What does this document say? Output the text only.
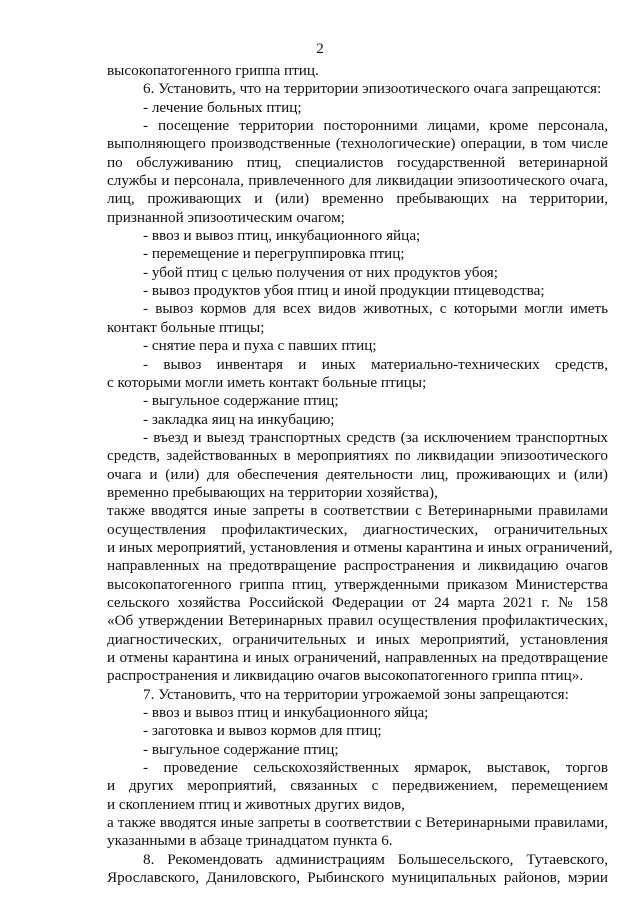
2
высокопатогенного гриппа птиц.
6. Установить, что на территории эпизоотического очага запрещаются:
- лечение больных птиц;
- посещение территории посторонними лицами, кроме персонала,
выполняющего производственные (технологические) операции, в том числе
по обслуживанию птиц, специалистов государственной ветеринарной
службы и персонала, привлеченного для ликвидации эпизоотического очага,
лиц, проживающих и (или) временно пребывающих на территории,
признанной эпизоотическим очагом;
- ввоз и вывоз птиц, инкубационного яйца;
- перемещение и перегруппировка птиц;
- убой птиц с целью получения от них продуктов убоя;
- вывоз продуктов убоя птиц и иной продукции птицеводства;
- вывоз кормов для всех видов животных, с которыми могли иметь
контакт больные птицы;
- снятие пера и пуха с павших птиц;
- вывоз инвентаря и иных материально-технических средств,
с которыми могли иметь контакт больные птицы;
- выгульное содержание птиц;
- закладка яиц на инкубацию;
- въезд и выезд транспортных средств (за исключением транспортных
средств, задействованных в мероприятиях по ликвидации эпизоотического
очага и (или) для обеспечения деятельности лиц, проживающих и (или)
временно пребывающих на территории хозяйства),
также вводятся иные запреты в соответствии с Ветеринарными правилами
осуществления профилактических, диагностических, ограничительных
и иных мероприятий, установления и отмены карантина и иных ограничений,
направленных на предотвращение распространения и ликвидацию очагов
высокопатогенного гриппа птиц, утвержденными приказом Министерства
сельского хозяйства Российской Федерации от 24 марта 2021 г. № 158
«Об утверждении Ветеринарных правил осуществления профилактических,
диагностических, ограничительных и иных мероприятий, установления
и отмены карантина и иных ограничений, направленных на предотвращение
распространения и ликвидацию очагов высокопатогенного гриппа птиц».
7. Установить, что на территории угрожаемой зоны запрещаются:
- ввоз и вывоз птиц и инкубационного яйца;
- заготовка и вывоз кормов для птиц;
- выгульное содержание птиц;
- проведение сельскохозяйственных ярмарок, выставок, торгов
и других мероприятий, связанных с передвижением, перемещением
и скоплением птиц и животных других видов,
а также вводятся иные запреты в соответствии с Ветеринарными правилами,
указанными в абзаце тринадцатом пункта 6.
8. Рекомендовать администрациям Большесельского, Тутаевского,
Ярославского, Даниловского, Рыбинского муниципальных районов, мэрии
